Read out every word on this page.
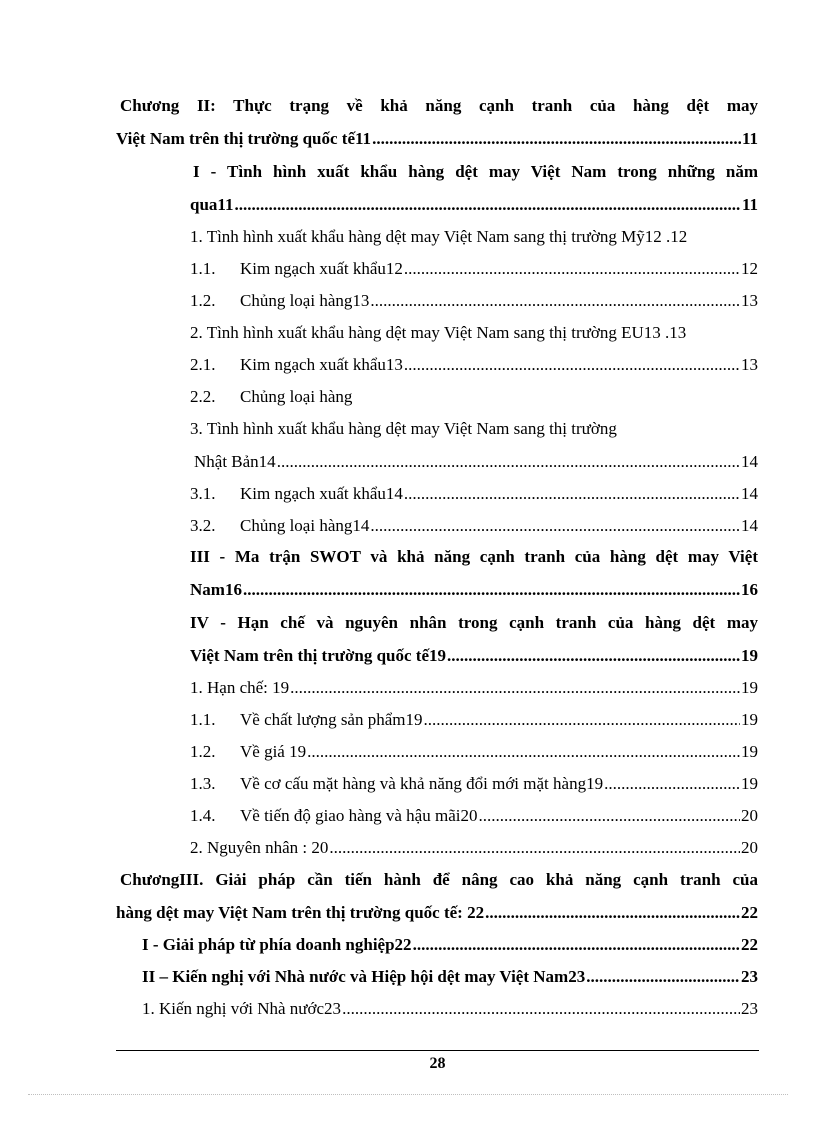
Chương II: Thực trạng về khả năng cạnh tranh của hàng dệt may
Việt Nam trên thị trường quốc tế11 .....	11
I - Tình hình xuất khẩu hàng dệt may Việt Nam trong những năm
qua11 .....	11
1. Tình hình xuất khẩu hàng dệt may Việt Nam sang thị trường Mỹ12 .12
1.1.	Kim ngạch xuất khẩu12 .....	12
1.2.	Chủng loại hàng13 .....	13
2. Tình hình xuất khẩu hàng dệt may Việt Nam sang thị trường EU13 .13
2.1.	Kim ngạch xuất khẩu13 .....	13
2.2.	Chủng loại hàng
3. Tình hình xuất khẩu hàng dệt may Việt Nam sang thị trường
Nhật Bản14 .....	14
3.1.	Kim ngạch xuất khẩu14 .....	14
3.2.	Chủng loại hàng14 .....	14
III - Ma trận SWOT và khả năng cạnh tranh của hàng dệt may Việt
Nam16 .....	16
IV - Hạn chế và nguyên nhân trong cạnh tranh của hàng dệt may
Việt Nam trên thị trường quốc tế19 .....	19
1. Hạn chế: 19 .....	19
1.1.	Về chất lượng sản phẩm19 .....	19
1.2.	Về giá 19 .....	19
1.3.	Về cơ cấu mặt hàng và khả năng đổi mới mặt hàng19 .....	19
1.4.	Về tiến độ giao hàng và hậu mãi20 .....	20
2. Nguyên nhân : 20 .....	20
ChươngIII. Giải pháp cần tiến hành để nâng cao khả năng cạnh tranh của
hàng dệt may Việt Nam trên thị trường quốc tế: 22 .....	22
I - Giải pháp từ phía doanh nghiệp22 .....	22
II – Kiến nghị với Nhà nước và Hiệp hội dệt may Việt Nam23 .....	23
1. Kiến nghị với Nhà nước23 .....	23
28
